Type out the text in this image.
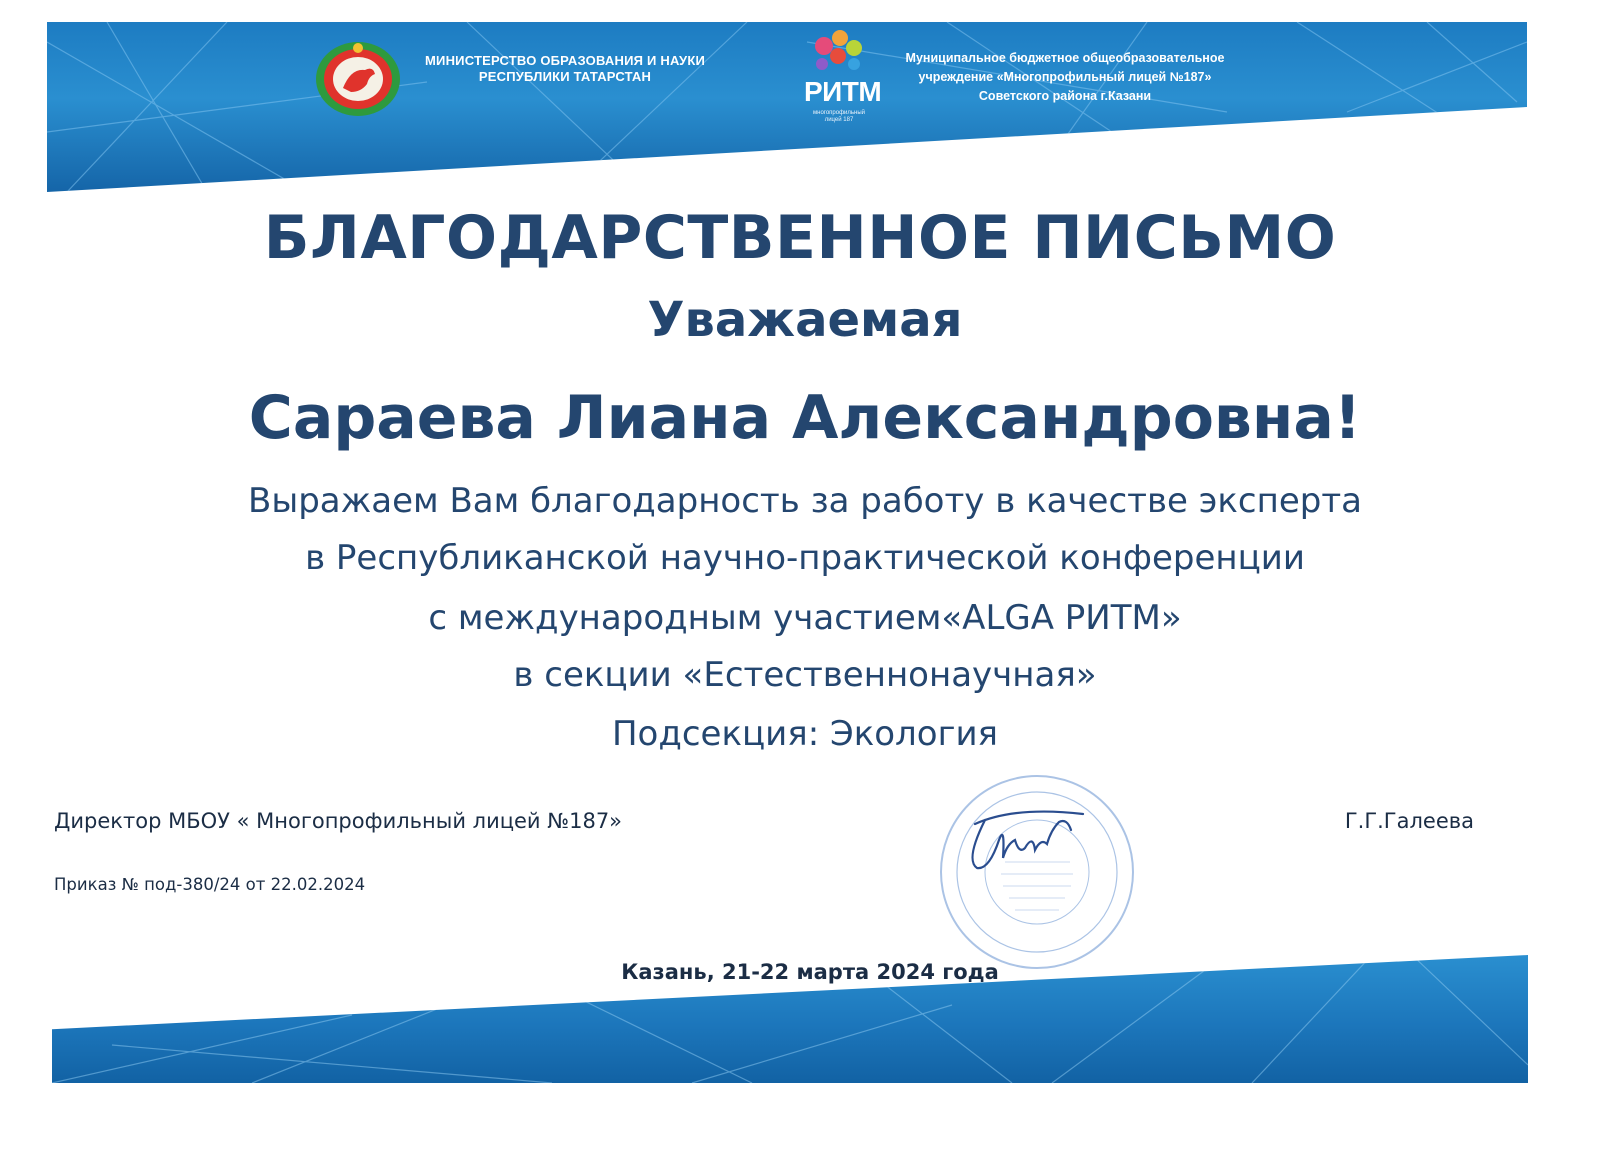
МИНИСТЕРСТВО ОБРАЗОВАНИЯ И НАУКИ
РЕСПУБЛИКИ ТАТАРСТАН	РИТМ
многопрофильный лицей 187
Муниципальное бюджетное общеобразовательное
учреждение «Многопрофильный лицей №187»
Советского района г.Казани
БЛАГОДАРСТВЕННОЕ ПИСЬМО
Уважаемая
Сараева Лиана Александровна!
Выражаем Вам благодарность за работу в качестве эксперта
в Республиканской научно-практической конференции
с международным участием«ALGA РИТМ»
в секции «Естественнонаучная»
Подсекция: Экология
Директор МБОУ « Многопрофильный лицей №187»	Г.Г.Галеева
Приказ № под-380/24 от 22.02.2024
Казань, 21-22 марта 2024 года
